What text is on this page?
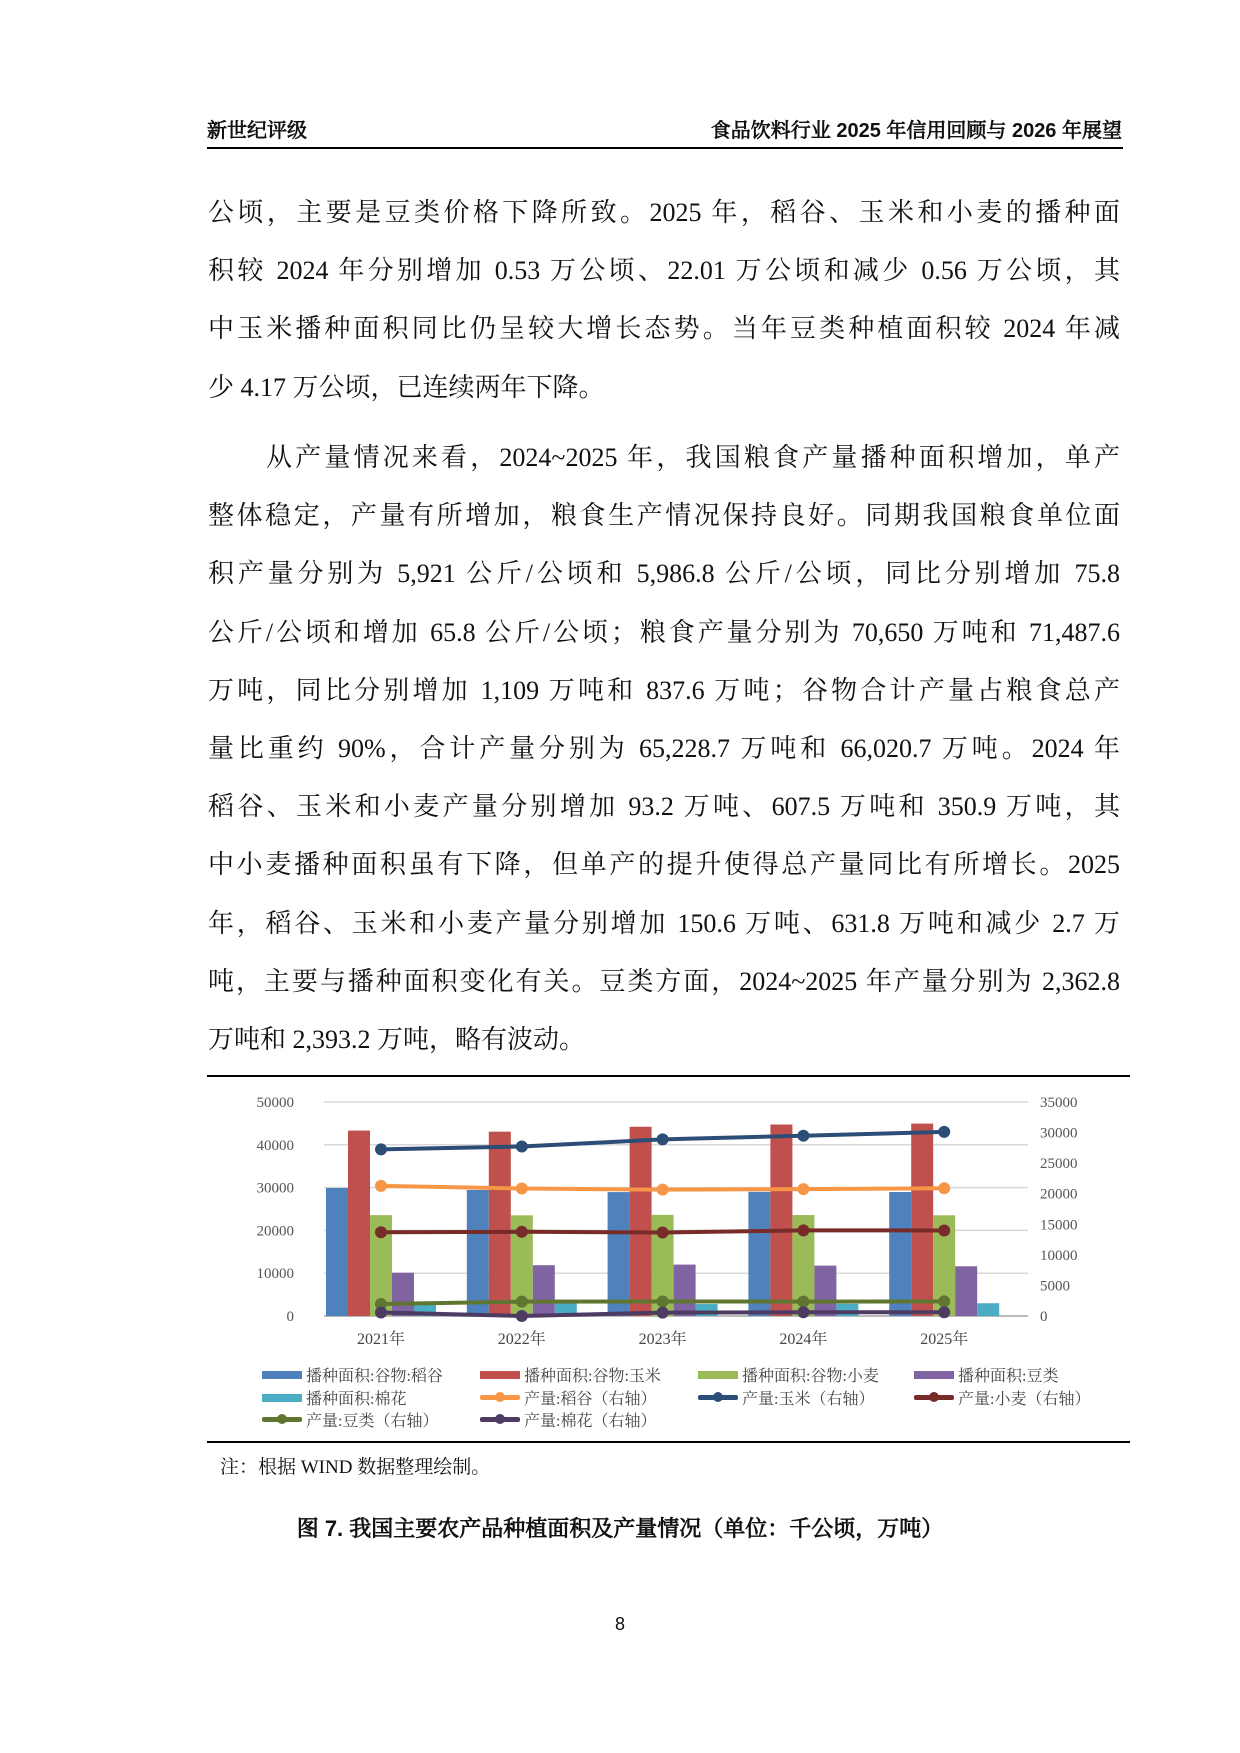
新世纪评级	食品饮料行业 2025 年信用回顾与 2026 年展望
公顷，主要是豆类价格下降所致。2025 年，稻谷、玉米和小麦的播种面
积较 2024 年分别增加 0.53 万公顷、22.01 万公顷和减少 0.56 万公顷，其
中玉米播种面积同比仍呈较大增长态势。当年豆类种植面积较 2024 年减
少 4.17 万公顷，已连续两年下降。
从产量情况来看，2024~2025 年，我国粮食产量播种面积增加，单产
整体稳定，产量有所增加，粮食生产情况保持良好。同期我国粮食单位面
积产量分别为 5,921 公斤/公顷和 5,986.8 公斤/公顷，同比分别增加 75.8
公斤/公顷和增加 65.8 公斤/公顷；粮食产量分别为 70,650 万吨和 71,487.6
万吨，同比分别增加 1,109 万吨和 837.6 万吨；谷物合计产量占粮食总产
量比重约 90%，合计产量分别为 65,228.7 万吨和 66,020.7 万吨。2024 年
稻谷、玉米和小麦产量分别增加 93.2 万吨、607.5 万吨和 350.9 万吨，其
中小麦播种面积虽有下降，但单产的提升使得总产量同比有所增长。2025
年，稻谷、玉米和小麦产量分别增加 150.6 万吨、631.8 万吨和减少 2.7 万
吨，主要与播种面积变化有关。豆类方面，2024~2025 年产量分别为 2,362.8
万吨和 2,393.2 万吨，略有波动。
0
10000
20000
30000
40000
50000
0
5000
10000
15000
20000
25000
30000
35000
2021年	2022年	2023年	2024年	2025年
播种面积:谷物:稻谷	播种面积:谷物:玉米	播种面积:谷物:小麦	播种面积:豆类
播种面积:棉花	产量:稻谷（右轴）	产量:玉米（右轴）	产量:小麦（右轴）
产量:豆类（右轴）	产量:棉花（右轴）
注：根据 WIND 数据整理绘制。
图 7. 我国主要农产品种植面积及产量情况（单位：千公顷，万吨）
8
